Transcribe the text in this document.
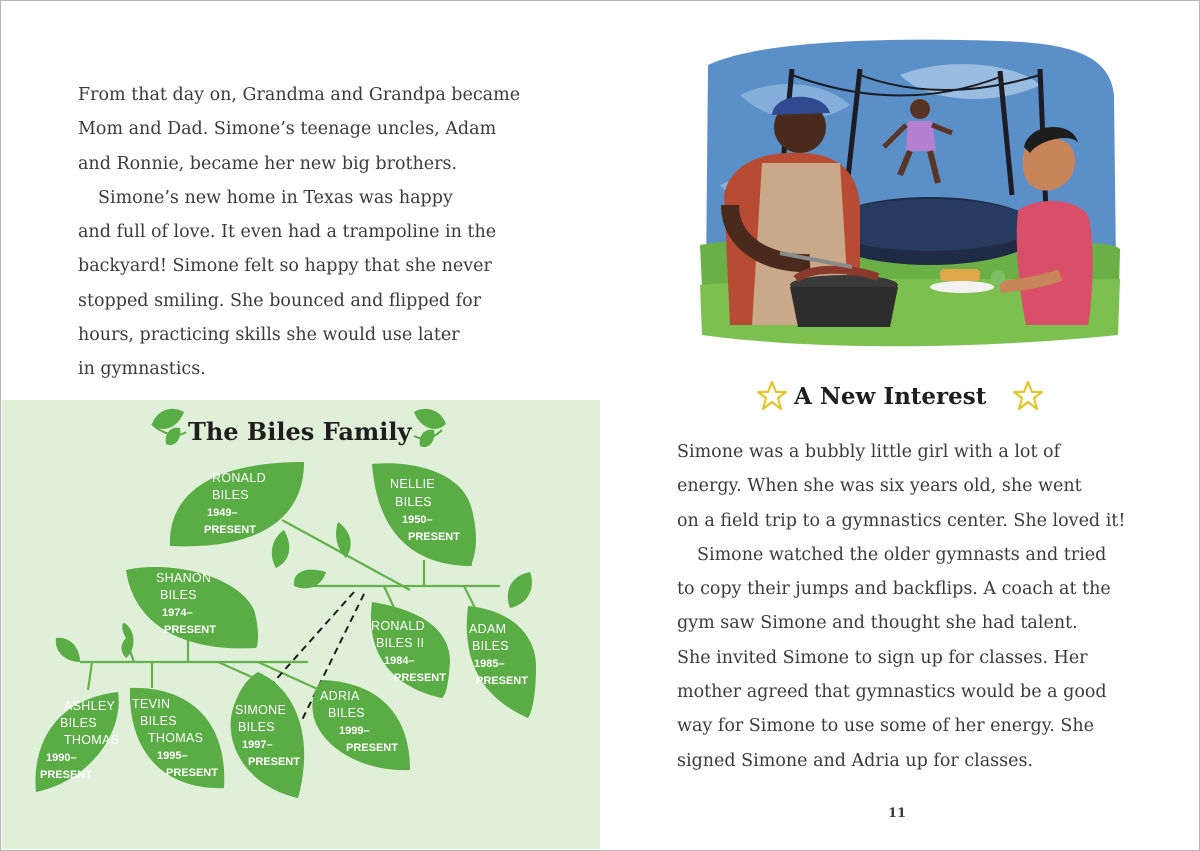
From that day on, Grandma and Grandpa became
Mom and Dad. Simone’s teenage uncles, Adam
and Ronnie, became her new big brothers.

Simone’s new home in Texas was happy
and full of love. It even had a trampoline in the
backyard! Simone felt so happy that she never
stopped smiling. She bounced and flipped for
hours, practicing skills she would use later
in gymnastics.

RONALD
BILES
1949–
PRESENT
NELLIE
BILES
1950–
PRESENT
SHANON
BILES
1974–
PRESENT	RONALD
BILES II
1984–
PRESENT
ADAM
BILES
1985–
PRESENT
ASHLEY
BILES
THOMAS
1990–
PRESENT
TEVIN
BILES
THOMAS
1995–
PRESENT
SIMONE
BILES
1997–
PRESENT
ADRIA
BILES
1999–
PRESENT
The Biles Family
A New Interest

Simone was a bubbly little girl with a lot of
energy. When she was six years old, she went
on a field trip to a gymnastics center. She loved it!

Simone watched the older gymnasts and tried
to copy their jumps and backflips. A coach at the
gym saw Simone and thought she had talent.
She invited Simone to sign up for classes. Her
mother agreed that gymnastics would be a good
way for Simone to use some of her energy. She
signed Simone and Adria up for classes.

11
